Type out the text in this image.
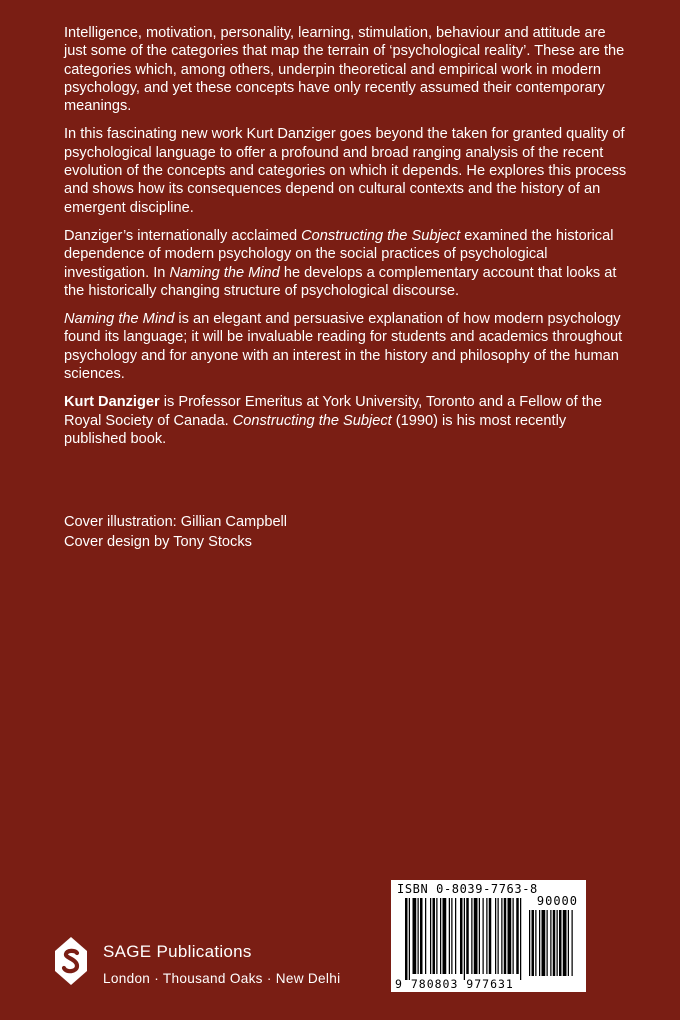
Intelligence, motivation, personality, learning, stimulation, behaviour and attitude are just some of the categories that map the terrain of ‘psychological reality’. These are the categories which, among others, underpin theoretical and empirical work in modern psychology, and yet these concepts have only recently assumed their contemporary meanings.

In this fascinating new work Kurt Danziger goes beyond the taken for granted quality of psychological language to offer a profound and broad ranging analysis of the recent evolution of the concepts and categories on which it depends. He explores this process and shows how its consequences depend on cultural contexts and the history of an emergent discipline.

Danziger’s internationally acclaimed Constructing the Subject examined the historical dependence of modern psychology on the social practices of psychological investigation. In Naming the Mind he develops a complementary account that looks at the historically changing structure of psychological discourse.

Naming the Mind is an elegant and persuasive explanation of how modern psychology found its language; it will be invaluable reading for students and academics throughout psychology and for anyone with an interest in the history and philosophy of the human sciences.

Kurt Danziger is Professor Emeritus at York University, Toronto and a Fellow of the Royal Society of Canada. Constructing the Subject (1990) is his most recently published book.

Cover illustration: Gillian Campbell
Cover design by Tony Stocks
SAGE Publications
London · Thousand Oaks · New Delhi
ISBN 0-8039-7763-8
90000
9 780803 977631
